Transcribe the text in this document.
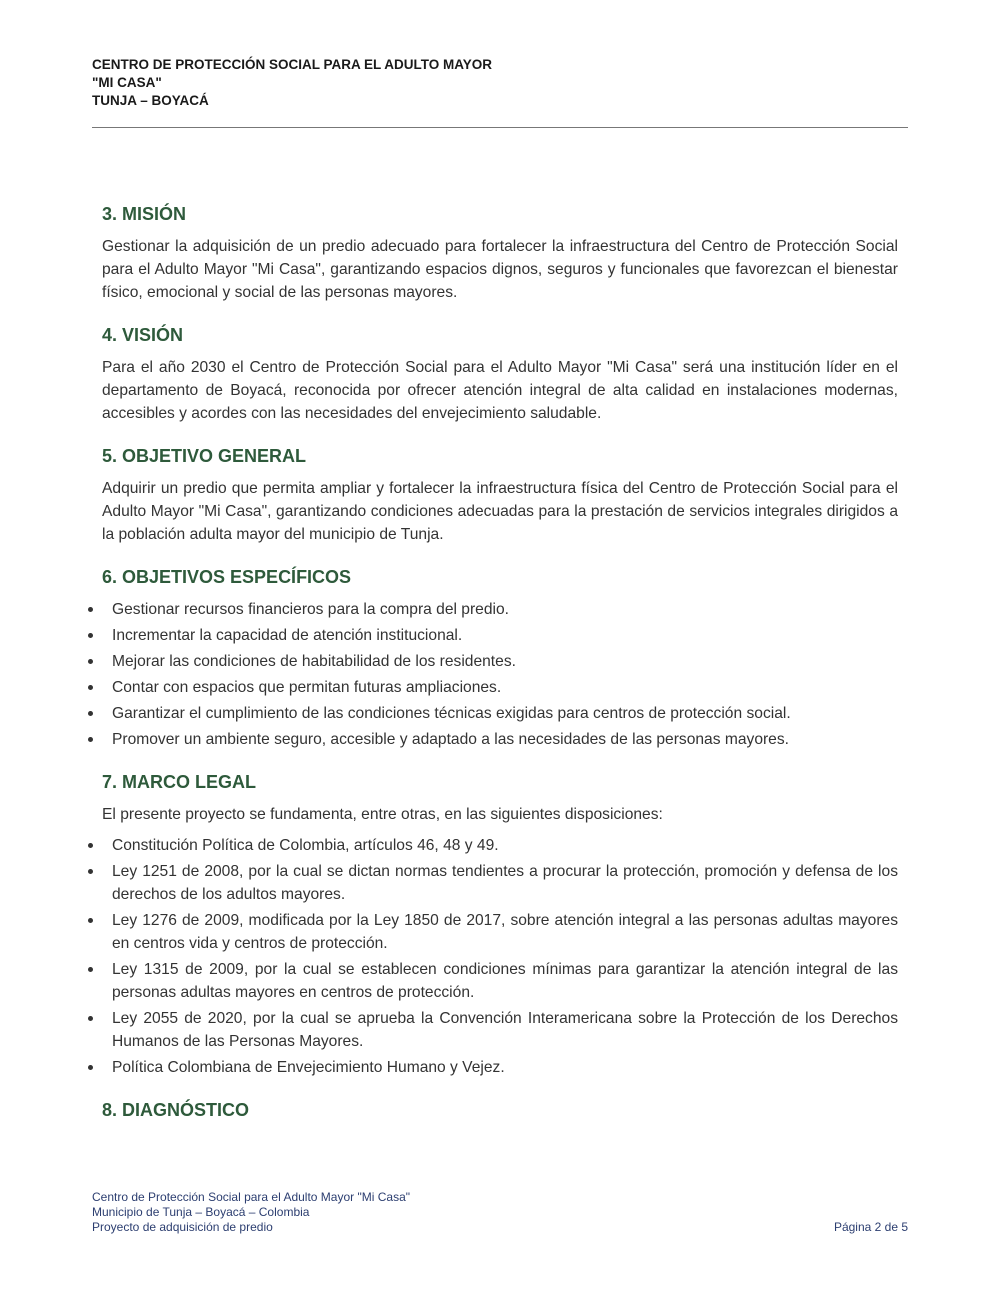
CENTRO DE PROTECCIÓN SOCIAL PARA EL ADULTO MAYOR

"MI CASA"

TUNJA – BOYACÁ

3. MISIÓN

Gestionar la adquisición de un predio adecuado para fortalecer la infraestructura del Centro de Protección Social para el Adulto Mayor "Mi Casa", garantizando espacios dignos, seguros y funcionales que favorezcan el bienestar físico, emocional y social de las personas mayores.

4. VISIÓN

Para el año 2030 el Centro de Protección Social para el Adulto Mayor "Mi Casa" será una institución líder en el departamento de Boyacá, reconocida por ofrecer atención integral de alta calidad en instalaciones modernas, accesibles y acordes con las necesidades del envejecimiento saludable.

5. OBJETIVO GENERAL

Adquirir un predio que permita ampliar y fortalecer la infraestructura física del Centro de Protección Social para el Adulto Mayor "Mi Casa", garantizando condiciones adecuadas para la prestación de servicios integrales dirigidos a la población adulta mayor del municipio de Tunja.

6. OBJETIVOS ESPECÍFICOS
Gestionar recursos financieros para la compra del predio.
Incrementar la capacidad de atención institucional.
Mejorar las condiciones de habitabilidad de los residentes.
Contar con espacios que permitan futuras ampliaciones.
Garantizar el cumplimiento de las condiciones técnicas exigidas para centros de protección social.
Promover un ambiente seguro, accesible y adaptado a las necesidades de las personas mayores.
7. MARCO LEGAL

El presente proyecto se fundamenta, entre otras, en las siguientes disposiciones:

Constitución Política de Colombia, artículos 46, 48 y 49.
Ley 1251 de 2008, por la cual se dictan normas tendientes a procurar la protección, promoción y defensa de los derechos de los adultos mayores.
Ley 1276 de 2009, modificada por la Ley 1850 de 2017, sobre atención integral a las personas adultas mayores en centros vida y centros de protección.
Ley 1315 de 2009, por la cual se establecen condiciones mínimas para garantizar la atención integral de las personas adultas mayores en centros de protección.
Ley 2055 de 2020, por la cual se aprueba la Convención Interamericana sobre la Protección de los Derechos Humanos de las Personas Mayores.
Política Colombiana de Envejecimiento Humano y Vejez.
8. DIAGNÓSTICO

Centro de Protección Social para el Adulto Mayor "Mi Casa"

Municipio de Tunja – Boyacá – Colombia

Proyecto de adquisición de predio	Página 2 de 5
